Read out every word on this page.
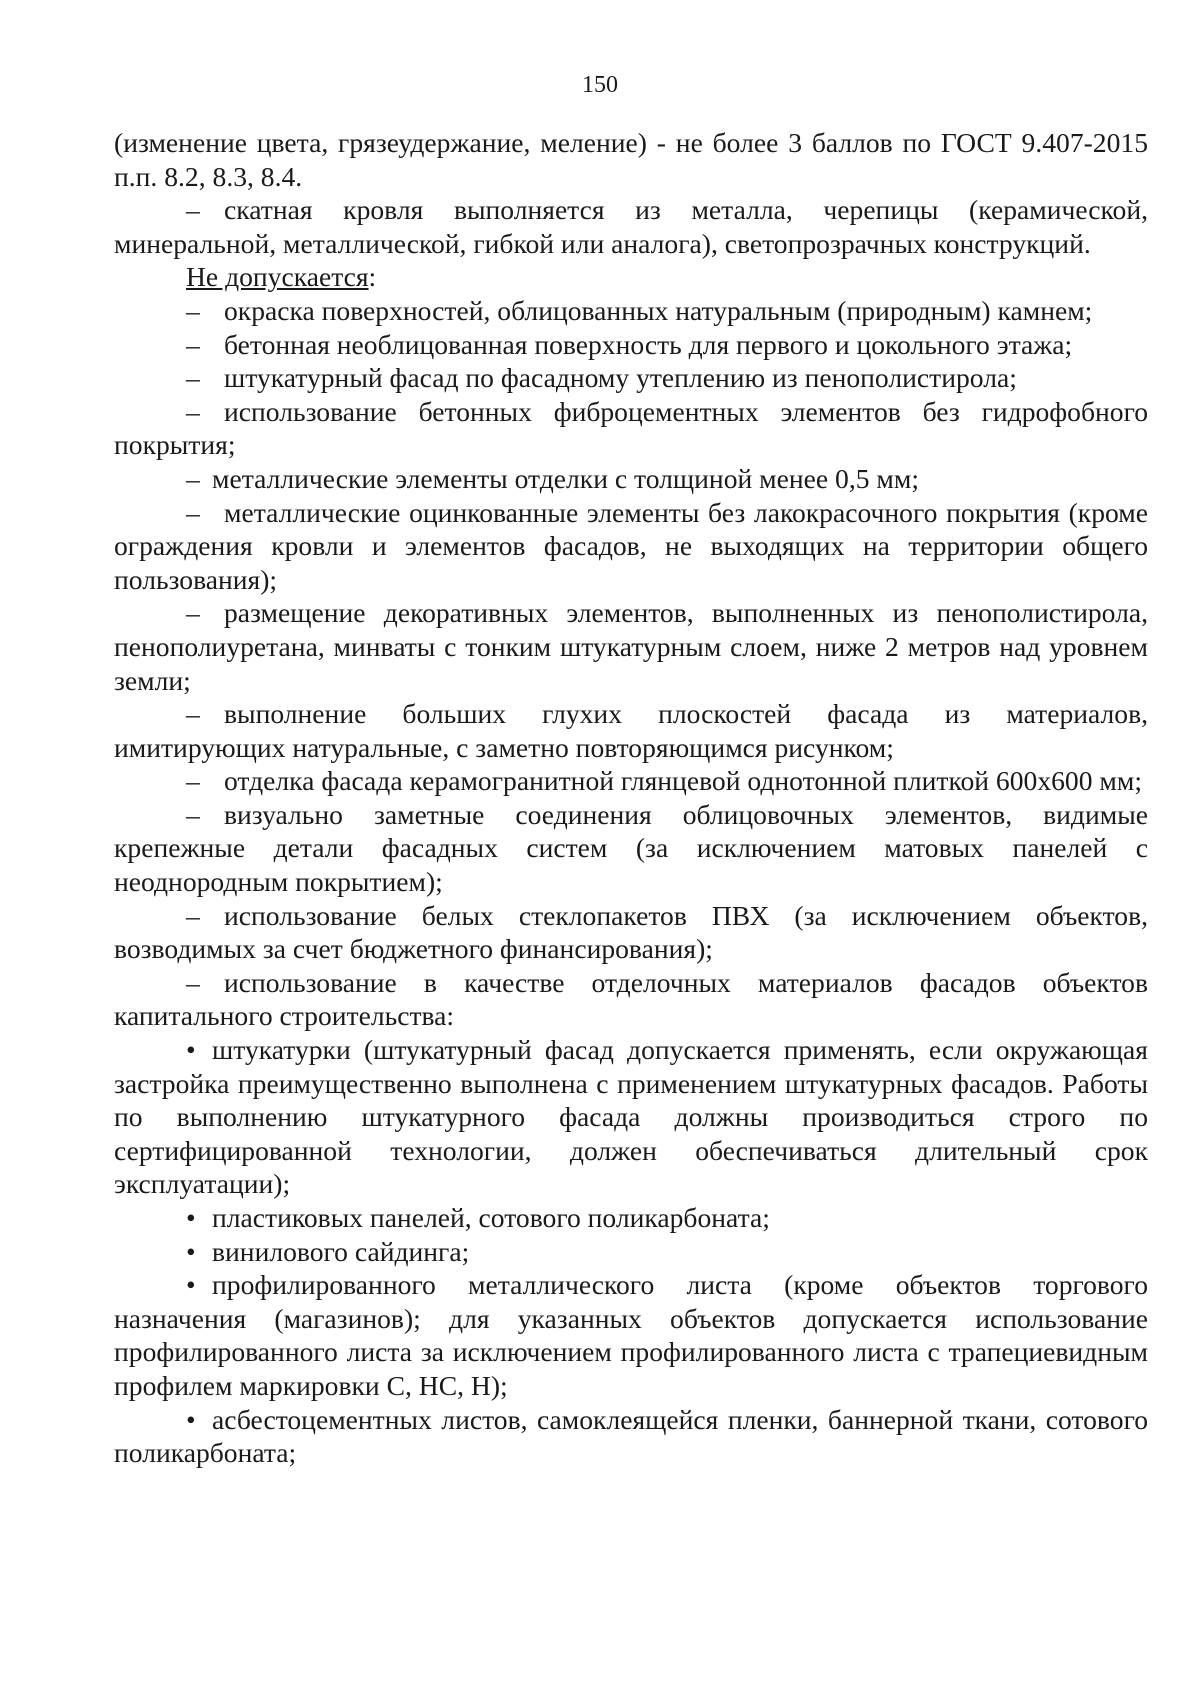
150

(изменение цвета, грязеудержание, меление) - не более 3 баллов по ГОСТ 9.407-2015 п.п. 8.2, 8.3, 8.4.

– скатная кровля выполняется из металла, черепицы (керамической, минеральной, металлической, гибкой или аналога), светопрозрачных конструкций.

Не допускается:

– окраска поверхностей, облицованных натуральным (природным) камнем;

– бетонная необлицованная поверхность для первого и цокольного этажа;

– штукатурный фасад по фасадному утеплению из пенополистирола;

– использование бетонных фиброцементных элементов без гидрофобного покрытия;

– металлические элементы отделки с толщиной менее 0,5 мм;

– металлические оцинкованные элементы без лакокрасочного покрытия (кроме ограждения кровли и элементов фасадов, не выходящих на территории общего пользования);

– размещение декоративных элементов, выполненных из пенополистирола, пенополиуретана, минваты с тонким штукатурным слоем, ниже 2 метров над уровнем земли;

– выполнение больших глухих плоскостей фасада из материалов, имитирующих натуральные, с заметно повторяющимся рисунком;

– отделка фасада керамогранитной глянцевой однотонной плиткой 600х600 мм;

– визуально заметные соединения облицовочных элементов, видимые крепежные детали фасадных систем (за исключением матовых панелей с неоднородным покрытием);

– использование белых стеклопакетов ПВХ (за исключением объектов, возводимых за счет бюджетного финансирования);

– использование в качестве отделочных материалов фасадов объектов капитального строительства:

• штукатурки (штукатурный фасад допускается применять, если окружающая застройка преимущественно выполнена с применением штукатурных фасадов. Работы по выполнению штукатурного фасада должны производиться строго по сертифицированной технологии, должен обеспечиваться длительный срок эксплуатации);

• пластиковых панелей, сотового поликарбоната;

• винилового сайдинга;

• профилированного металлического листа (кроме объектов торгового назначения (магазинов); для указанных объектов допускается использование профилированного листа за исключением профилированного листа с трапециевидным профилем маркировки С, НС, Н);

• асбестоцементных листов, самоклеящейся пленки, баннерной ткани, сотового поликарбоната;
